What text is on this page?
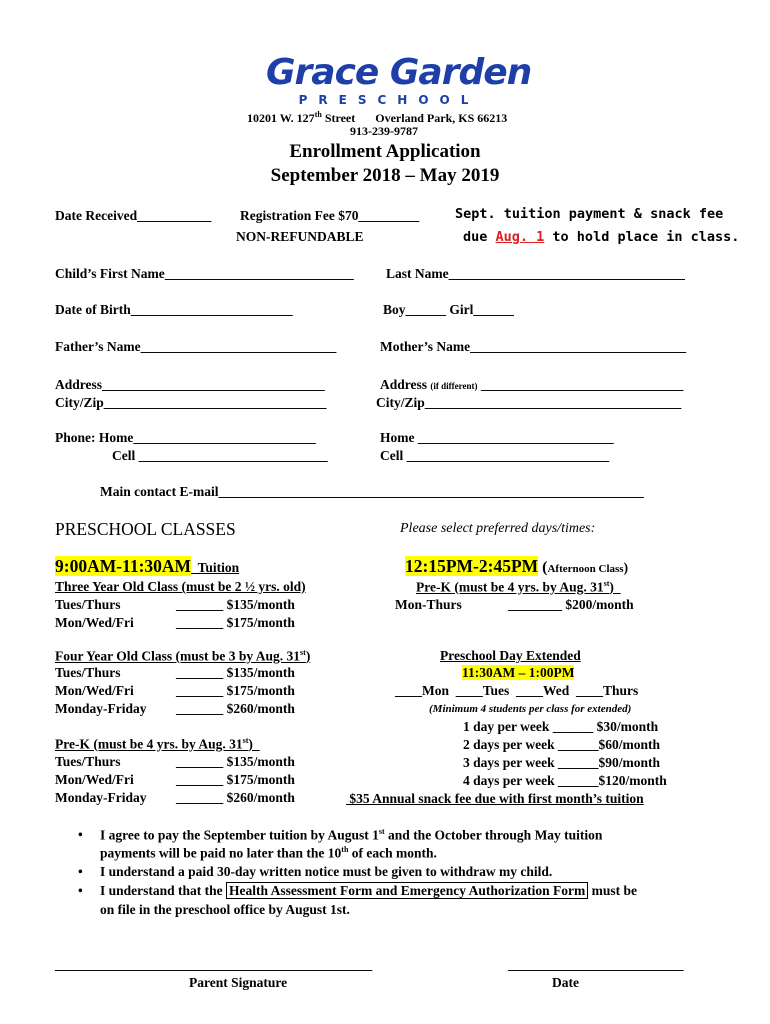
Grace Garden
PRESCHOOL
10201 W. 127th Street Overland Park, KS 66213
913-239-9787
Enrollment Application
September 2018 – May 2019
Date Received___________ Registration Fee $70_________
NON-REFUNDABLE
Sept. tuition payment & snack fee
due Aug. 1 to hold place in class.
Child’s First Name____________________________ Last Name___________________________________
Date of Birth________________________	Boy______ Girl______
Father’s Name_____________________________	Mother’s Name________________________________
Address_________________________________
City/Zip_________________________________
Address (if different) ______________________________
City/Zip______________________________________
Phone: Home___________________________
Cell ____________________________
Home _____________________________
Cell ______________________________
Main contact E-mail_______________________________________________________________
PRESCHOOL CLASSES	Please select preferred days/times:
9:00AM-11:30AM  Tuition
Three Year Old Class (must be 2 ½ yrs. old)
Tues/Thurs	_______ $135/month
Mon/Wed/Fri	_______ $175/month
Four Year Old Class (must be 3 by Aug. 31st)
Tues/Thurs	_______ $135/month
Mon/Wed/Fri	_______ $175/month
Monday-Friday _______ $260/month
Pre-K (must be 4 yrs. by Aug. 31st)
Tues/Thurs	_______ $135/month
Mon/Wed/Fri	_______ $175/month
Monday-Friday _______ $260/month
12:15PM-2:45PM (Afternoon Class)
Pre-K (must be 4 yrs. by Aug. 31st)
Mon-Thurs	________ $200/month
Preschool Day Extended
11:30AM – 1:00PM
____Mon  ____Tues  ____Wed  ____Thurs
(Minimum 4 students per class for extended)
1 day per week ______ $30/month
2 days per week ______$60/month
3 days per week ______$90/month
4 days per week ______$120/month
$35 Annual snack fee due with first month’s tuition
• I agree to pay the September tuition by August 1st and the October through May tuition
payments will be paid no later than the 10th of each month.
• I understand a paid 30-day written notice must be given to withdraw my child.
• I understand that the Health Assessment Form and Emergency Authorization Form must be
on file in the preschool office by August 1st.
_______________________________________________
Parent Signature
__________________________
Date
